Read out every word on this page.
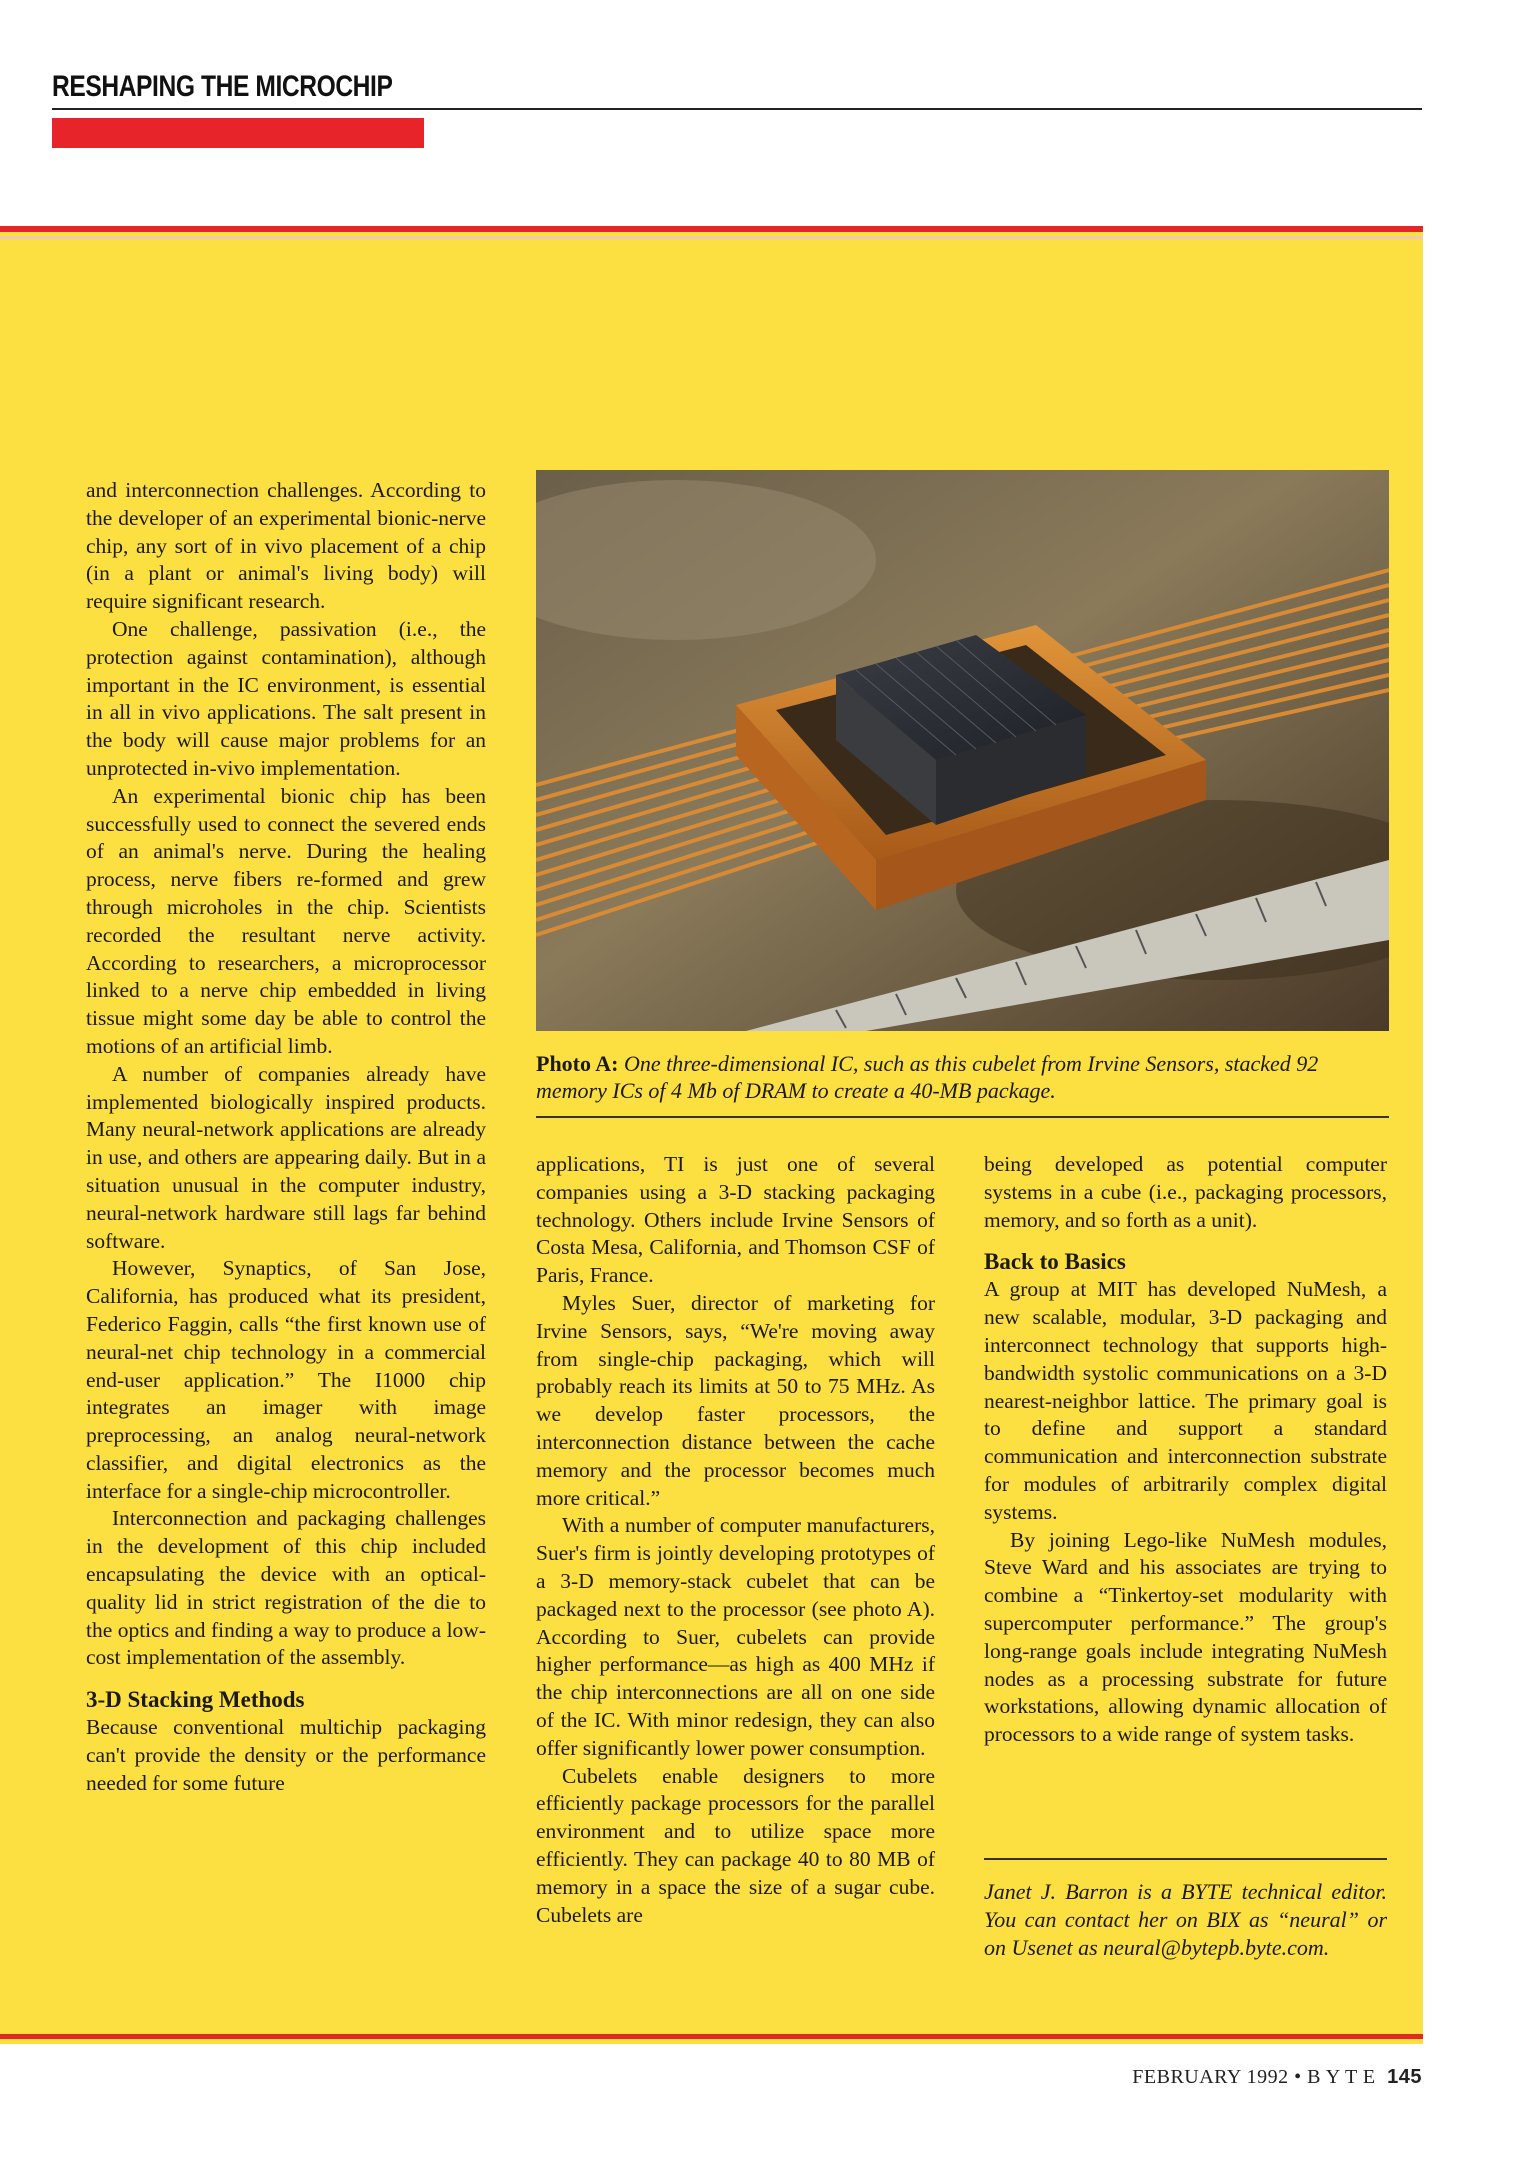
RESHAPING THE MICROCHIP

and interconnection challenges. According to the developer of an experimental bionic-nerve chip, any sort of in vivo placement of a chip (in a plant or animal's living body) will require significant research.

One challenge, passivation (i.e., the protection against contamination), although important in the IC environment, is essential in all in vivo applications. The salt present in the body will cause major problems for an unprotected in-vivo implementation.

An experimental bionic chip has been successfully used to connect the severed ends of an animal's nerve. During the healing process, nerve fibers re-formed and grew through microholes in the chip. Scientists recorded the resultant nerve activity. According to researchers, a microprocessor linked to a nerve chip embedded in living tissue might some day be able to control the motions of an artificial limb.

A number of companies already have implemented biologically inspired products. Many neural-network applications are already in use, and others are appearing daily. But in a situation unusual in the computer industry, neural-network hardware still lags far behind software.

However, Synaptics, of San Jose, California, has produced what its president, Federico Faggin, calls “the first known use of neural-net chip technology in a commercial end-user application.” The I1000 chip integrates an imager with image preprocessing, an analog neural-network classifier, and digital electronics as the interface for a single-chip microcontroller.

Interconnection and packaging challenges in the development of this chip included encapsulating the device with an optical-quality lid in strict registration of the die to the optics and finding a way to produce a low-cost implementation of the assembly.

3-D Stacking Methods

Because conventional multichip packaging can't provide the density or the performance needed for some future

Photo A: One three-dimensional IC, such as this cubelet from Irvine Sensors, stacked 92 memory ICs of 4 Mb of DRAM to create a 40-MB package.

applications, TI is just one of several companies using a 3-D stacking packaging technology. Others include Irvine Sensors of Costa Mesa, California, and Thomson CSF of Paris, France.

Myles Suer, director of marketing for Irvine Sensors, says, “We're moving away from single-chip packaging, which will probably reach its limits at 50 to 75 MHz. As we develop faster processors, the interconnection distance between the cache memory and the processor becomes much more critical.”

With a number of computer manufacturers, Suer's firm is jointly developing prototypes of a 3-D memory-stack cubelet that can be packaged next to the processor (see photo A). According to Suer, cubelets can provide higher performance—as high as 400 MHz if the chip interconnections are all on one side of the IC. With minor redesign, they can also offer significantly lower power consumption.

Cubelets enable designers to more efficiently package processors for the parallel environment and to utilize space more efficiently. They can package 40 to 80 MB of memory in a space the size of a sugar cube. Cubelets are

being developed as potential computer systems in a cube (i.e., packaging processors, memory, and so forth as a unit).

Back to Basics

A group at MIT has developed NuMesh, a new scalable, modular, 3-D packaging and interconnect technology that supports high-bandwidth systolic communications on a 3-D nearest-neighbor lattice. The primary goal is to define and support a standard communication and interconnection substrate for modules of arbitrarily complex digital systems.

By joining Lego-like NuMesh modules, Steve Ward and his associates are trying to combine a “Tinkertoy-set modularity with supercomputer performance.” The group's long-range goals include integrating NuMesh nodes as a processing substrate for future workstations, allowing dynamic allocation of processors to a wide range of system tasks.

Janet J. Barron is a BYTE technical editor. You can contact her on BIX as “neural” or on Usenet as neural@bytepb.byte.com.
FEBRUARY 1992 • B Y T E 145
